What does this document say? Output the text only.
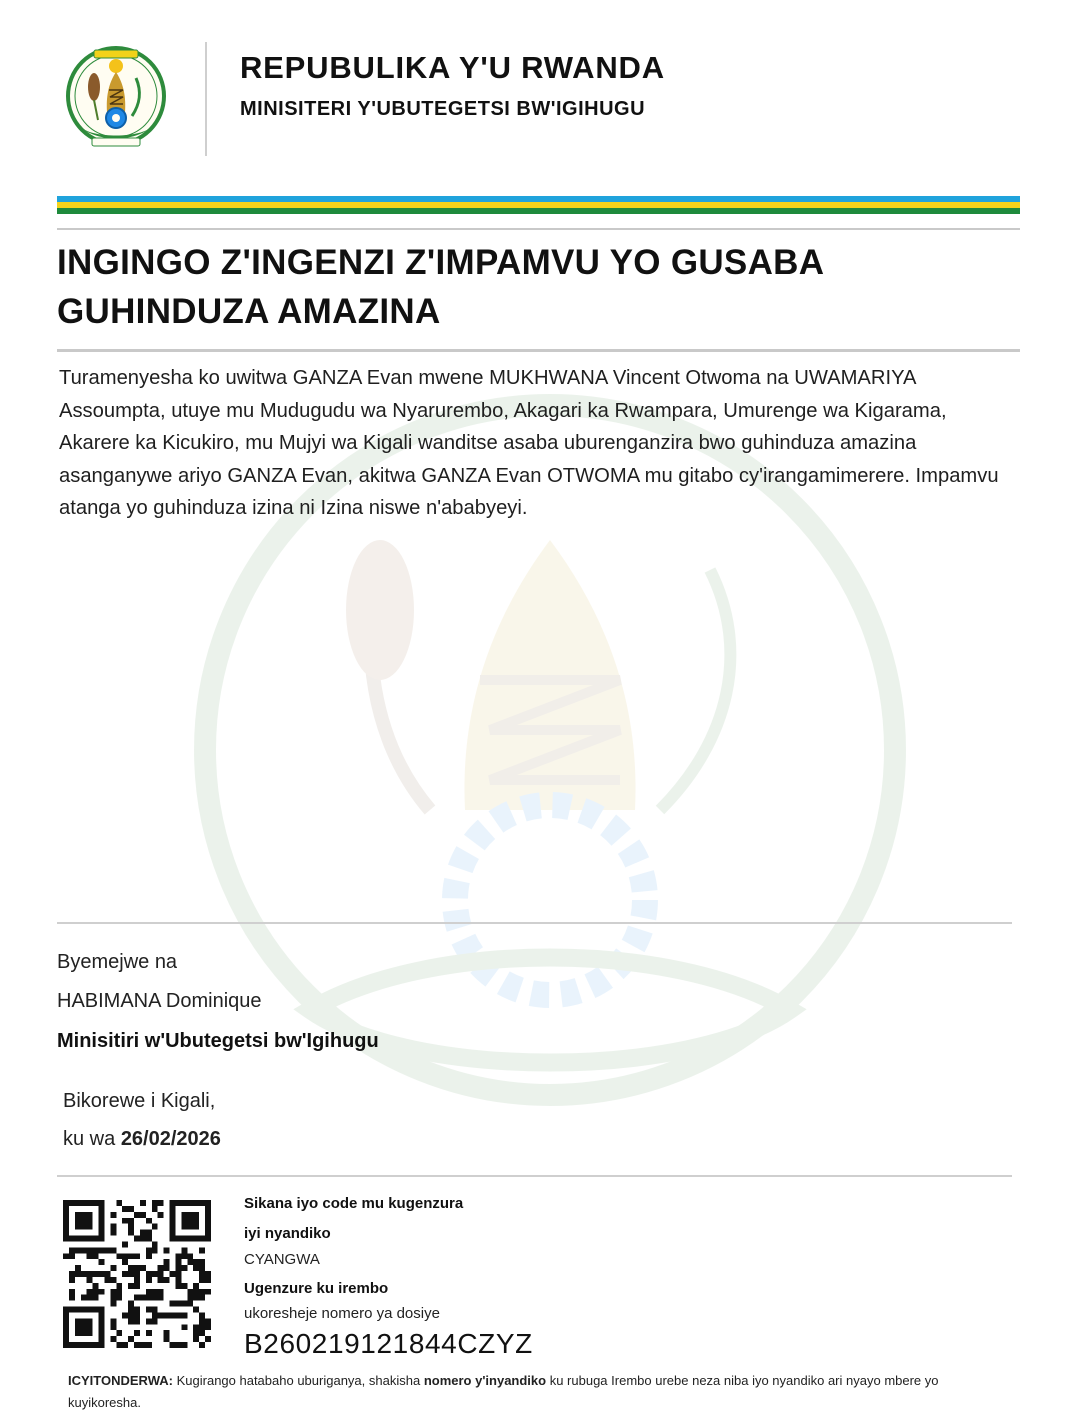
REPUBULIKA Y'U RWANDA
MINISITERI Y'UBUTEGETSI BW'IGIHUGU
INGINGO Z'INGENZI Z'IMPAMVU YO GUSABA GUHINDUZA AMAZINA
Turamenyesha ko uwitwa GANZA Evan mwene MUKHWANA Vincent Otwoma na UWAMARIYA Assoumpta, utuye mu Mudugudu wa Nyarurembo, Akagari ka Rwampara, Umurenge wa Kigarama, Akarere ka Kicukiro, mu Mujyi wa Kigali wanditse asaba uburenganzira bwo guhinduza amazina asanganywe ariyo GANZA Evan, akitwa GANZA Evan OTWOMA mu gitabo cy'irangamimerere. Impamvu atanga yo guhinduza izina ni Izina niswe n'ababyeyi.
Byemejwe na
HABIMANA Dominique
Minisitiri w'Ubutegetsi bw'Igihugu
Bikorewe i Kigali,
ku wa 26/02/2026
Sikana iyo code mu kugenzura
iyi nyandiko
CYANGWA
Ugenzure ku irembo
ukoresheje nomero ya dosiye
B260219121844CZYZ
ICYITONDERWA: Kugirango hatabaho uburiganya, shakisha nomero y'inyandiko ku rubuga Irembo urebe neza niba iyo nyandiko ari nyayo mbere yo kuyikoresha.
